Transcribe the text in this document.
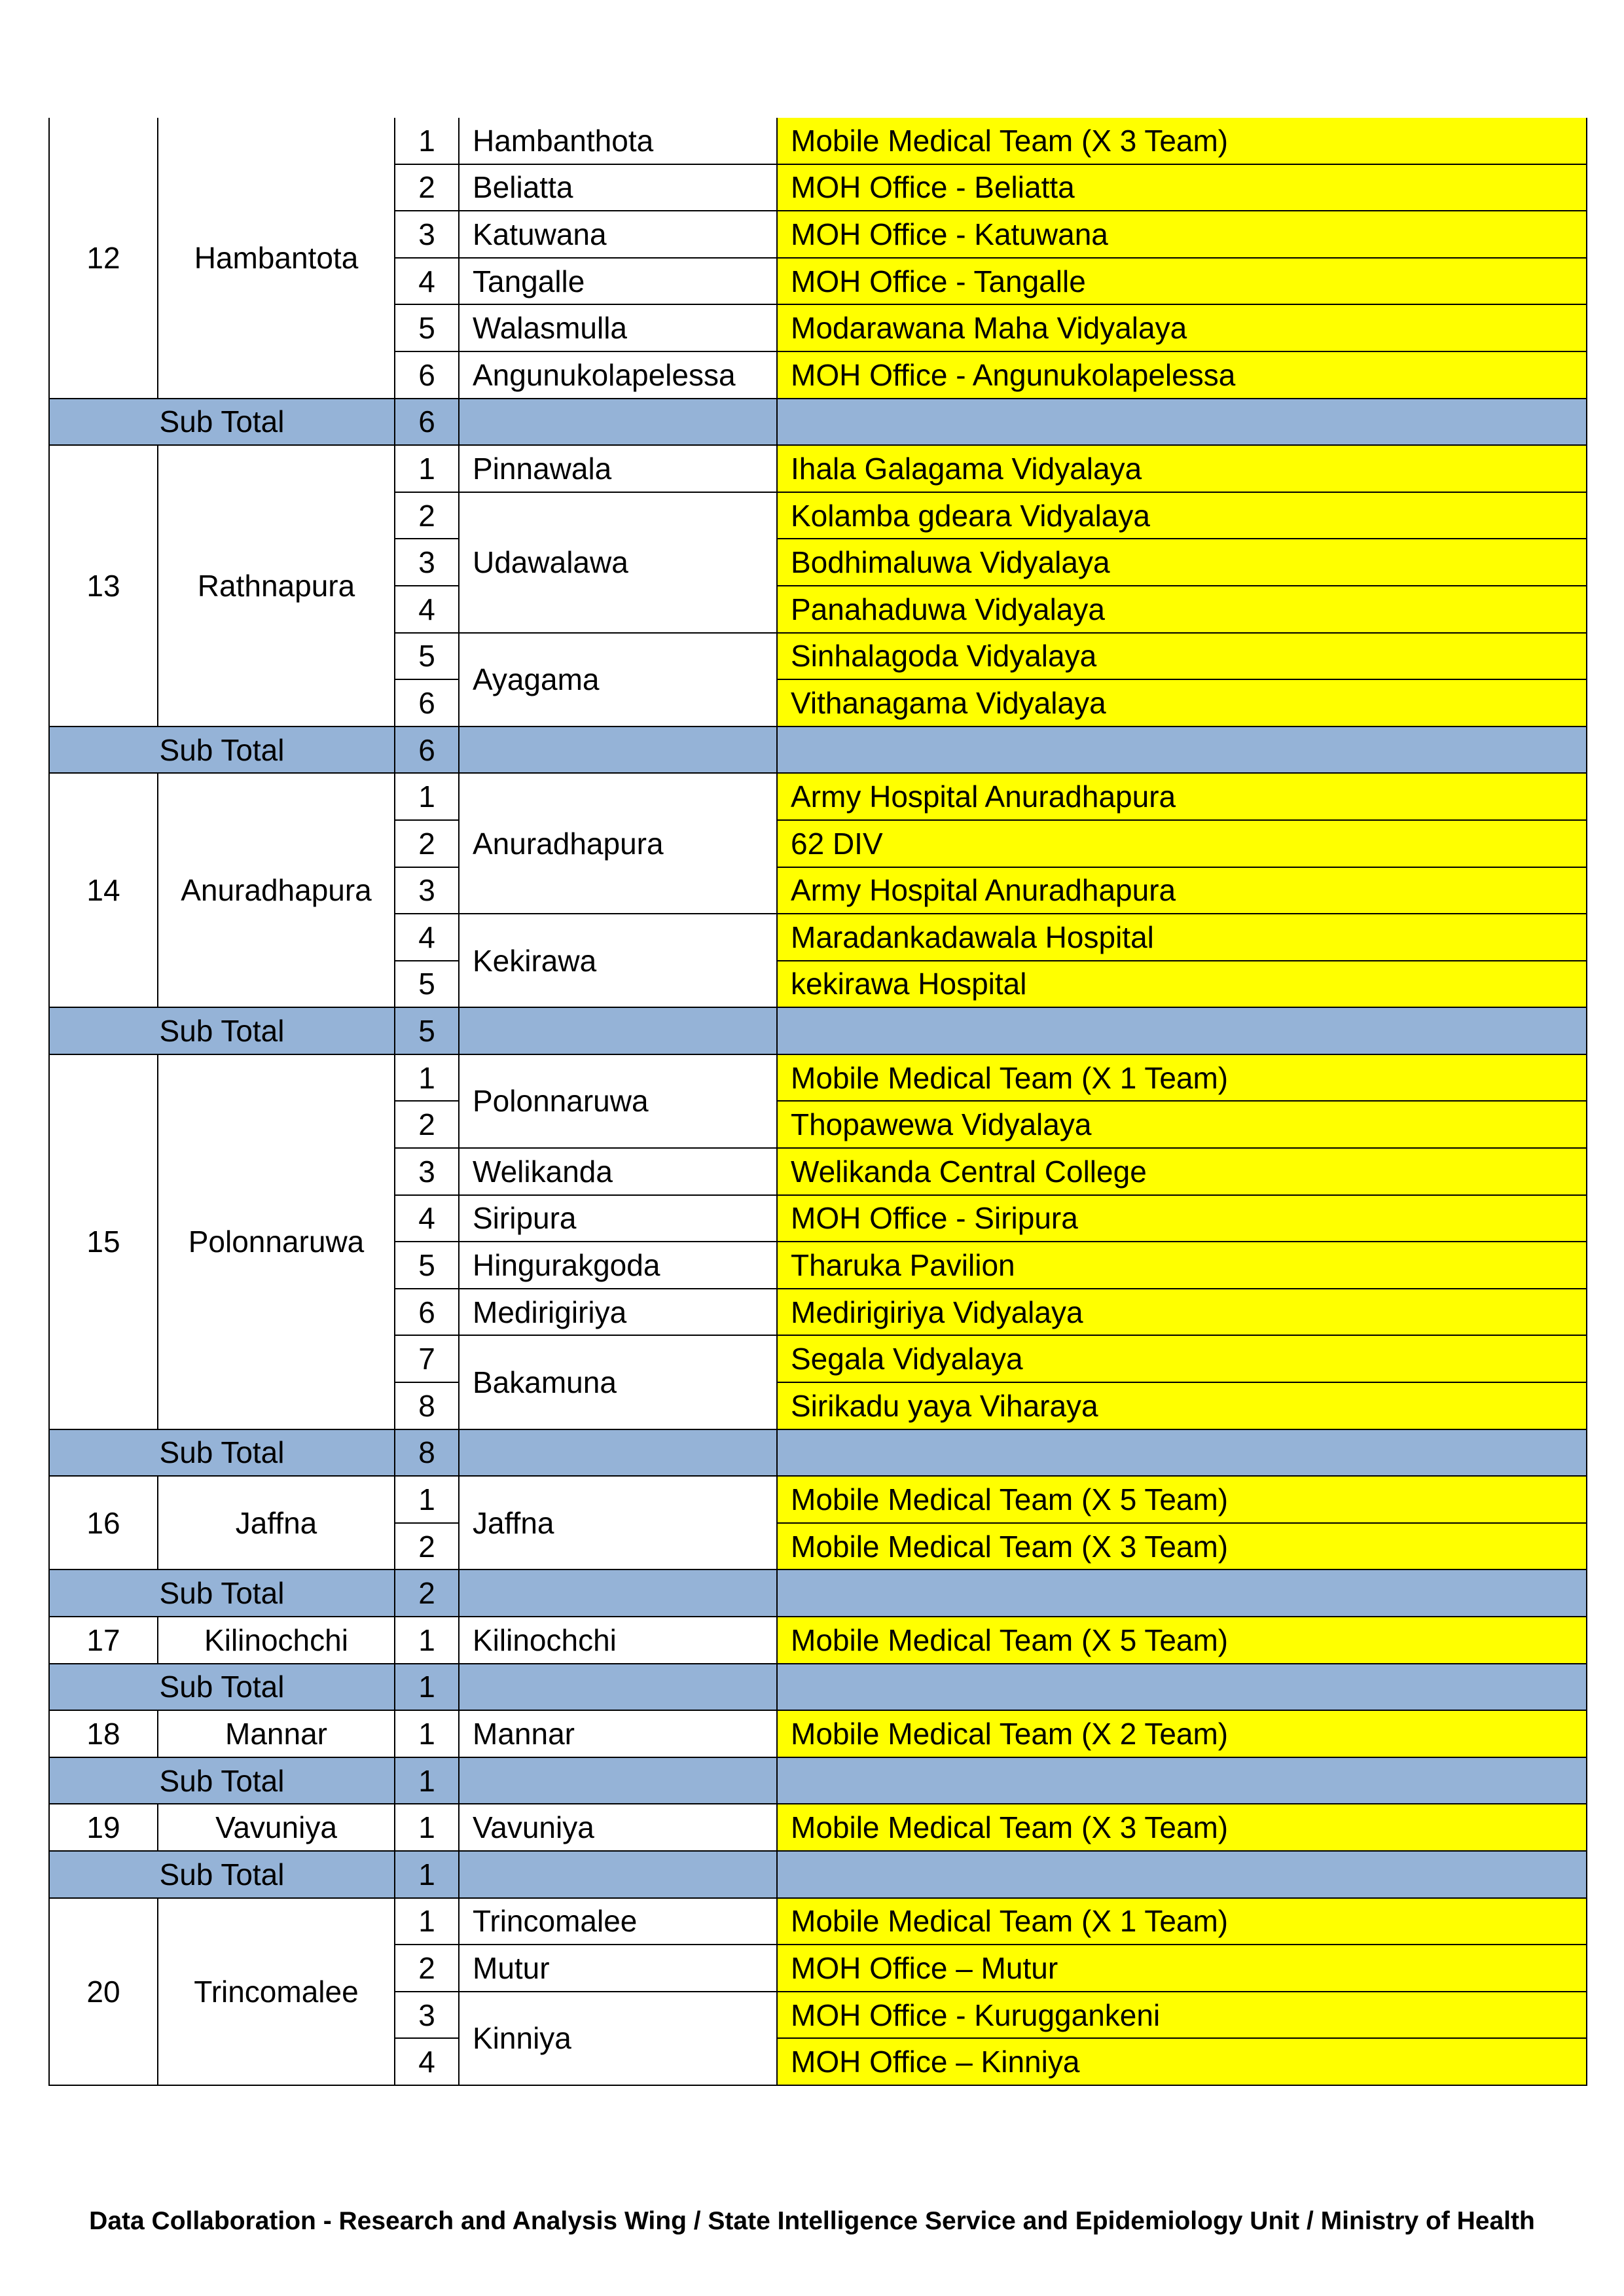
12	Hambantota	1	Hambanthota	Mobile Medical Team (X 3 Team)
		2	Beliatta	MOH Office - Beliatta
		3	Katuwana	MOH Office - Katuwana
		4	Tangalle	MOH Office - Tangalle
		5	Walasmulla	Modarawana Maha Vidyalaya
		6	Angunukolapelessa	MOH Office - Angunukolapelessa
Sub Total		6		
13	Rathnapura	1	Pinnawala	Ihala Galagama Vidyalaya
		2	Udawalawa	Kolamba gdeara Vidyalaya
		3		Bodhimaluwa Vidyalaya
		4		Panahaduwa Vidyalaya
		5	Ayagama	Sinhalagoda Vidyalaya
		6		Vithanagama Vidyalaya
Sub Total		6		
14	Anuradhapura	1	Anuradhapura	Army Hospital Anuradhapura
		2		62 DIV
		3		Army Hospital Anuradhapura
		4	Kekirawa	Maradankadawala Hospital
		5		kekirawa Hospital
Sub Total		5		
15	Polonnaruwa	1	Polonnaruwa	Mobile Medical Team (X 1 Team)
		2		Thopawewa Vidyalaya
		3	Welikanda	Welikanda Central College
		4	Siripura	MOH Office - Siripura
		5	Hingurakgoda	Tharuka Pavilion
		6	Medirigiriya	Medirigiriya Vidyalaya
		7	Bakamuna	Segala Vidyalaya
		8		Sirikadu yaya Viharaya
Sub Total		8		
16	Jaffna	1	Jaffna	Mobile Medical Team (X 5 Team)
		2		Mobile Medical Team (X 3 Team)
Sub Total		2		
17	Kilinochchi	1	Kilinochchi	Mobile Medical Team (X 5 Team)
Sub Total		1		
18	Mannar	1	Mannar	Mobile Medical Team (X 2 Team)
Sub Total		1		
19	Vavuniya	1	Vavuniya	Mobile Medical Team (X 3 Team)
Sub Total		1		
20	Trincomalee	1	Trincomalee	Mobile Medical Team (X 1 Team)
		2	Mutur	MOH Office – Mutur
		3	Kinniya	MOH Office - Kuruggankeni
		4		MOH Office – Kinniya
Data Collaboration - Research and Analysis Wing / State Intelligence Service and Epidemiology Unit / Ministry of Health
